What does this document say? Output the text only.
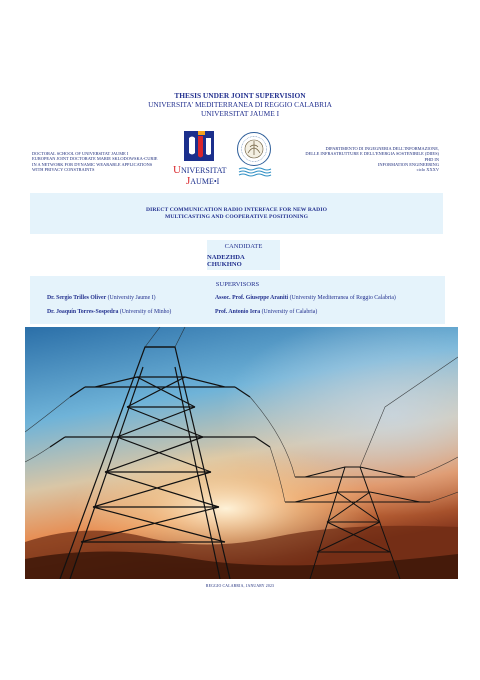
THESIS UNDER JOINT SUPERVISION
UNIVERSITA' MEDITERRANEA DI REGGIO CALABRIA
UNIVERSITAT JAUME I
DOCTORAL SCHOOL OF UNIVERSITAT JAUME I
EUROPEAN JOINT DOCTORATE MARIE SKLODOWSKA-CURIE
IN A NETWORK FOR DYNAMIC WEARABLE APPLICATIONS
WITH PRIVACY CONSTRAINTS	UNIVERSITAT
JAUME•I
DIPARTIMENTO DI INGEGNERIA DELL'INFORMAZIONE,
DELLE INFRASTRUTTURE E DELL'ENERGIA SOSTENIBILE (DIIES)
PHD IN
INFORMATION ENGINEERING
ciclo XXXV
DIRECT COMMUNICATION RADIO INTERFACE FOR NEW RADIO
MULTICASTING AND COOPERATIVE POSITIONING
CANDIDATE
NADEZHDA CHUKHNO
SUPERVISORS
Dr. Sergio Trilles Oliver (University Jaume I)	Assoc. Prof. Giuseppe Araniti (University Mediterranea of Reggio Calabria)
Dr. Joaquín Torres-Sospedra (University of Minho)	Prof. Antonio Iera (University of Calabria)
REGGIO CALABRIA, JANUARY 2023
